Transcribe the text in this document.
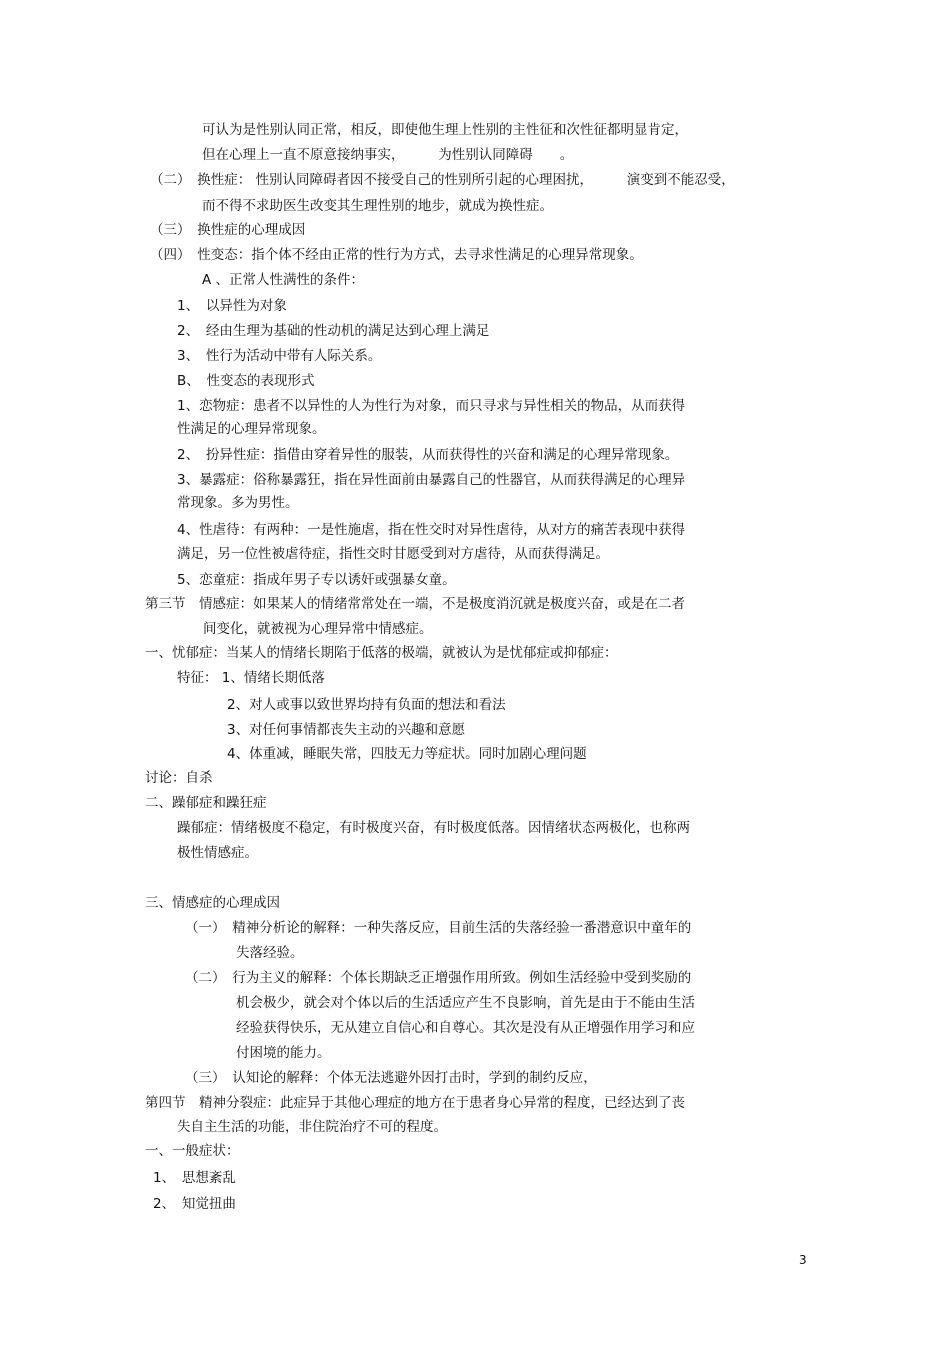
可认为是性别认同正常，相反，即使他生理上性别的主性征和次性征都明显肯定，
但在心理上一直不原意接纳事实，　　　为性别认同障碍　　。
（二）　换性症： 性别认同障碍者因不接受自己的性别所引起的心理困扰，　　　演变到不能忍受，
而不得不求助医生改变其生理性别的地步，就成为换性症。
（三）　换性症的心理成因
（四）　性变态：指个体不经由正常的性行为方式，去寻求性满足的心理异常现象。
A 、正常人性满性的条件：
1、　以异性为对象
2、　经由生理为基础的性动机的满足达到心理上满足
3、　性行为活动中带有人际关系。
B、　性变态的表现形式
1、恋物症：患者不以异性的人为性行为对象，而只寻求与异性相关的物品，从而获得
性满足的心理异常现象。
2、　扮异性症：指借由穿着异性的服装，从而获得性的兴奋和满足的心理异常现象。
3、暴露症：俗称暴露狂，指在异性面前由暴露自己的性器官，从而获得满足的心理异
常现象。多为男性。
4、性虐待：有两种：一是性施虐，指在性交时对异性虐待，从对方的痛苦表现中获得
满足，另一位性被虐待症，指性交时甘愿受到对方虐待，从而获得满足。
5、恋童症：指成年男子专以诱奸或强暴女童。
第三节　情感症：如果某人的情绪常常处在一端，不是极度消沉就是极度兴奋，或是在二者
间变化，就被视为心理异常中情感症。
一、忧郁症：当某人的情绪长期陷于低落的极端，就被认为是忧郁症或抑郁症：
特征： 1、情绪长期低落
2、对人或事以致世界均持有负面的想法和看法
3、对任何事情都丧失主动的兴趣和意愿
4、体重减，睡眠失常，四肢无力等症状。同时加剧心理问题
讨论：自杀
二、躁郁症和躁狂症
躁郁症：情绪极度不稳定，有时极度兴奋，有时极度低落。因情绪状态两极化，也称两
极性情感症。
三、情感症的心理成因
（一）　精神分析论的解释：一种失落反应，目前生活的失落经验一番潜意识中童年的
失落经验。
（二）　行为主义的解释：个体长期缺乏正增强作用所致。例如生活经验中受到奖励的
机会极少，就会对个体以后的生活适应产生不良影响，首先是由于不能由生活
经验获得快乐，无从建立自信心和自尊心。其次是没有从正增强作用学习和应
付困境的能力。
（三）　认知论的解释：个体无法逃避外因打击时，学到的制约反应，
第四节　精神分裂症：此症异于其他心理症的地方在于患者身心异常的程度，已经达到了丧
失自主生活的功能，非住院治疗不可的程度。
一、一般症状：
1、　思想紊乱
2、　知觉扭曲
3
